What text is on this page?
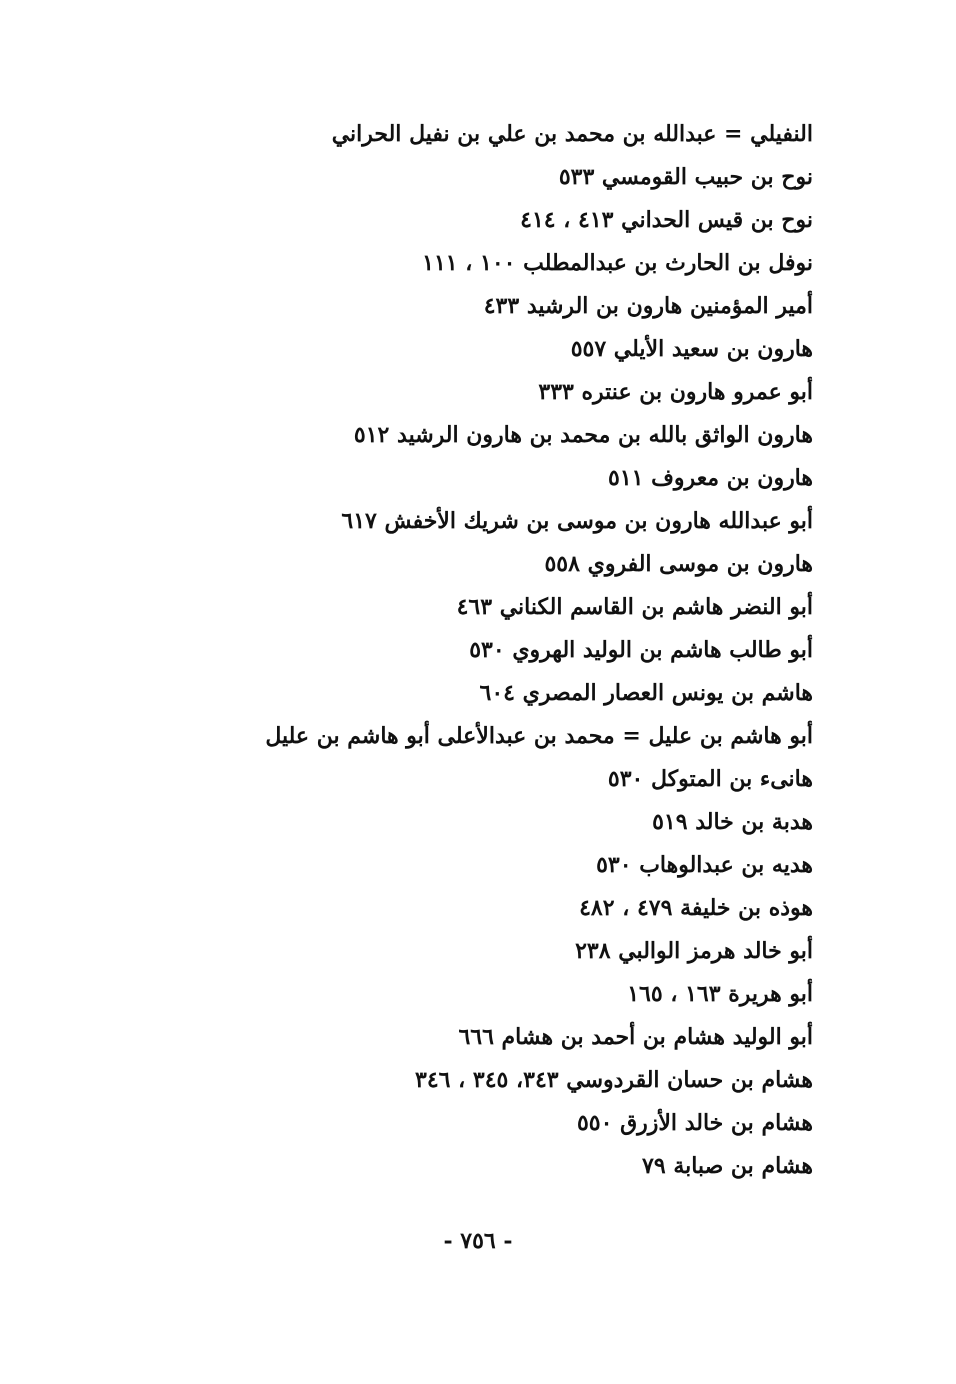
النفيلي = عبدالله بن محمد بن علي بن نفيل الحراني
نوح بن حبيب القومسي ٥٣٣
نوح بن قيس الحداني ٤١٣ ، ٤١٤
نوفل بن الحارث بن عبدالمطلب ١٠٠ ، ١١١
أمير المؤمنين هارون بن الرشيد ٤٣٣
هارون بن سعيد الأيلي ٥٥٧
أبو عمرو هارون بن عنتره ٣٣٣
هارون الواثق بالله بن محمد بن هارون الرشيد ٥١٢
هارون بن معروف ٥١١
أبو عبدالله هارون بن موسى بن شريك الأخفش ٦١٧
هارون بن موسى الفروي ٥٥٨
أبو النضر هاشم بن القاسم الكناني ٤٦٣
أبو طالب هاشم بن الوليد الهروي ٥٣٠
هاشم بن يونس العصار المصري ٦٠٤
أبو هاشم بن عليل = محمد بن عبدالأعلى أبو هاشم بن عليل
هانىء بن المتوكل ٥٣٠
هدبة بن خالد ٥١٩
هديه بن عبدالوهاب ٥٣٠
هوذه بن خليفة ٤٧٩ ، ٤٨٢
أبو خالد هرمز الوالبي ٢٣٨
أبو هريرة ١٦٣ ، ١٦٥
أبو الوليد هشام بن أحمد بن هشام ٦٦٦
هشام بن حسان القردوسي ٣٤٣، ٣٤٥ ، ٣٤٦
هشام بن خالد الأزرق ٥٥٠
هشام بن صبابة ٧٩
- ٧٥٦ -
